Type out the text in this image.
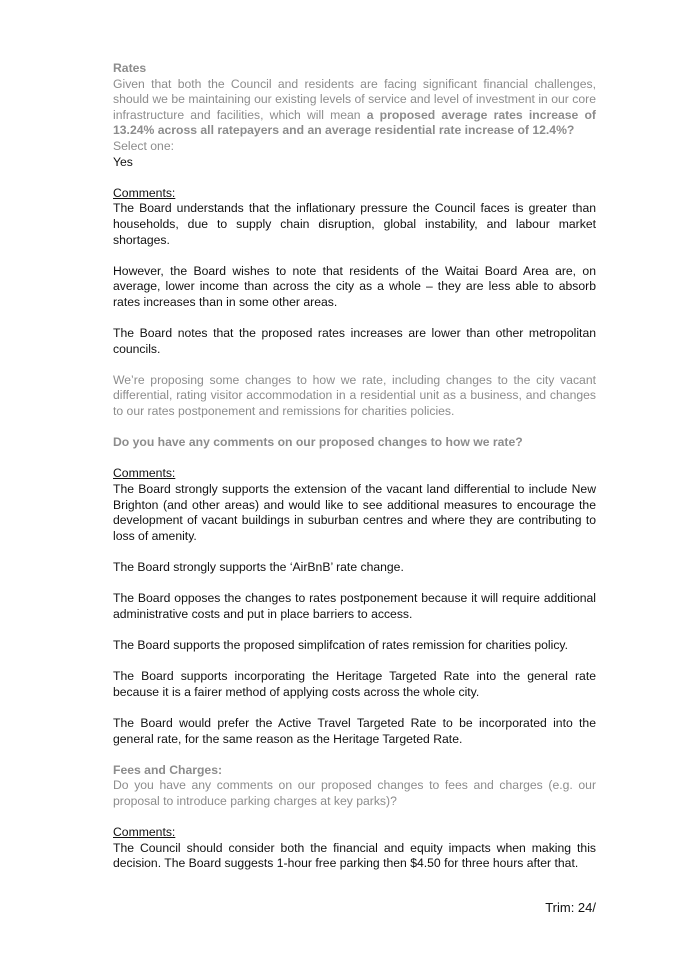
Rates

Given that both the Council and residents are facing significant financial challenges, should we be maintaining our existing levels of service and level of investment in our core infrastructure and facilities, which will mean a proposed average rates increase of 13.24% across all ratepayers and an average residential rate increase of 12.4%?

Select one:

Yes

Comments:

The Board understands that the inflationary pressure the Council faces is greater than households, due to supply chain disruption, global instability, and labour market shortages.

However, the Board wishes to note that residents of the Waitai Board Area are, on average, lower income than across the city as a whole – they are less able to absorb rates increases than in some other areas.

The Board notes that the proposed rates increases are lower than other metropolitan councils.

We’re proposing some changes to how we rate, including changes to the city vacant differential, rating visitor accommodation in a residential unit as a business, and changes to our rates postponement and remissions for charities policies.

Do you have any comments on our proposed changes to how we rate?

Comments:

The Board strongly supports the extension of the vacant land differential to include New Brighton (and other areas) and would like to see additional measures to encourage the development of vacant buildings in suburban centres and where they are contributing to loss of amenity.

The Board strongly supports the ‘AirBnB’ rate change.

The Board opposes the changes to rates postponement because it will require additional administrative costs and put in place barriers to access.

The Board supports the proposed simplifcation of rates remission for charities policy.

The Board supports incorporating the Heritage Targeted Rate into the general rate because it is a fairer method of applying costs across the whole city.

The Board would prefer the Active Travel Targeted Rate to be incorporated into the general rate, for the same reason as the Heritage Targeted Rate.

Fees and Charges:

Do you have any comments on our proposed changes to fees and charges (e.g. our proposal to introduce parking charges at key parks)?

Comments:

The Council should consider both the financial and equity impacts when making this decision. The Board suggests 1-hour free parking then $4.50 for three hours after that.

Trim: 24/
